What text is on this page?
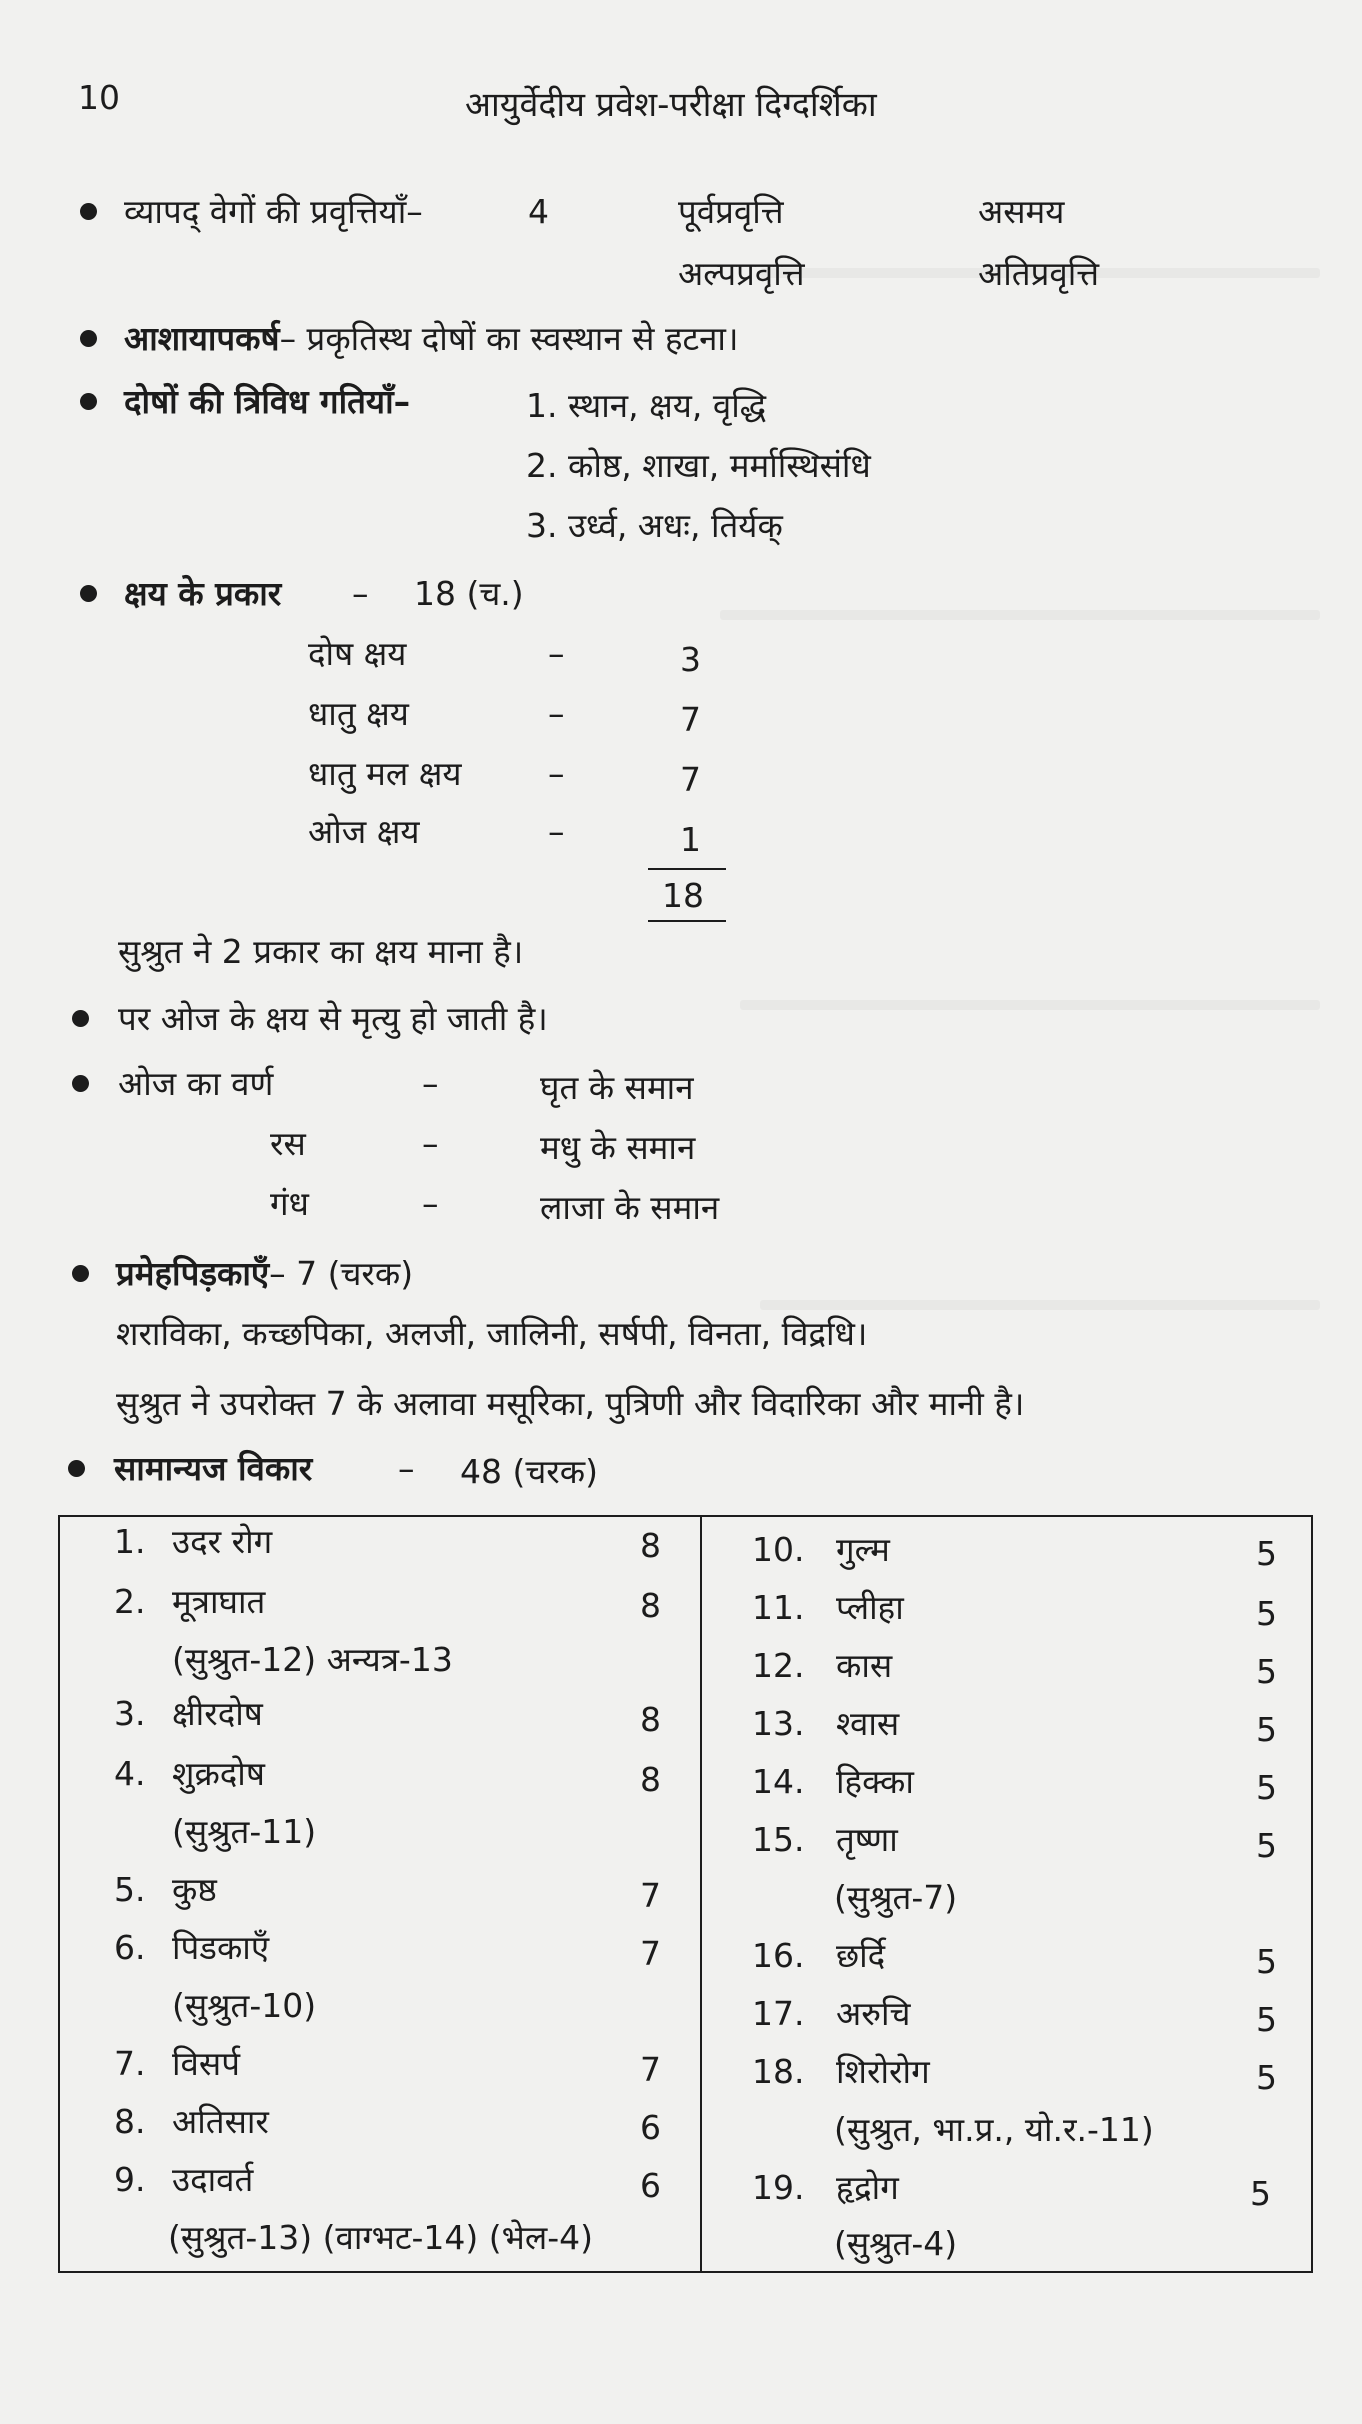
10	आयुर्वेदीय प्रवेश-परीक्षा दिग्दर्शिका
व्यापद् वेगों की प्रवृत्तियाँ–	4	पूर्वप्रवृत्ति	असमय
अल्पप्रवृत्ति	अतिप्रवृत्ति
आशायापकर्ष– प्रकृतिस्थ दोषों का स्वस्थान से हटना।
दोषों की त्रिविध गतियाँ–	1. स्थान, क्षय, वृद्धि
2. कोष्ठ, शाखा, मर्मास्थिसंधि
3. उर्ध्व, अधः, तिर्यक्
क्षय के प्रकार – 18 (च.)
दोष क्षय	–	3
धातु क्षय	–	7
धातु मल क्षय	–	7
ओज क्षय	–	1
18
सुश्रुत ने 2 प्रकार का क्षय माना है।
पर ओज के क्षय से मृत्यु हो जाती है।
ओज का वर्ण	–	घृत के समान
रस	–	मधु के समान
गंध	–	लाजा के समान
प्रमेहपिड़काएँ– 7 (चरक)
शराविका, कच्छपिका, अलजी, जालिनी, सर्षपी, विनता, विद्रधि।
सुश्रुत ने उपरोक्त 7 के अलावा मसूरिका, पुत्रिणी और विदारिका और मानी है।
सामान्यज विकार	– 48 (चरक)
1. उदर रोग	8
2. मूत्राघात	8
(सुश्रुत-12) अन्यत्र-13
3. क्षीरदोष	8
4. शुक्रदोष	8
(सुश्रुत-11)
5. कुष्ठ	7
6. पिडकाएँ	7
(सुश्रुत-10)
7. विसर्प	7
8. अतिसार	6
9. उदावर्त	6
(सुश्रुत-13) (वाग्भट-14) (भेल-4)
10. गुल्म	5
11. प्लीहा	5
12. कास	5
13. श्वास	5
14. हिक्का	5
15. तृष्णा	5
(सुश्रुत-7)
16. छर्दि	5
17. अरुचि	5
18. शिरोरोग	5
(सुश्रुत, भा.प्र., यो.र.-11)
19. हृद्रोग	5
(सुश्रुत-4)
